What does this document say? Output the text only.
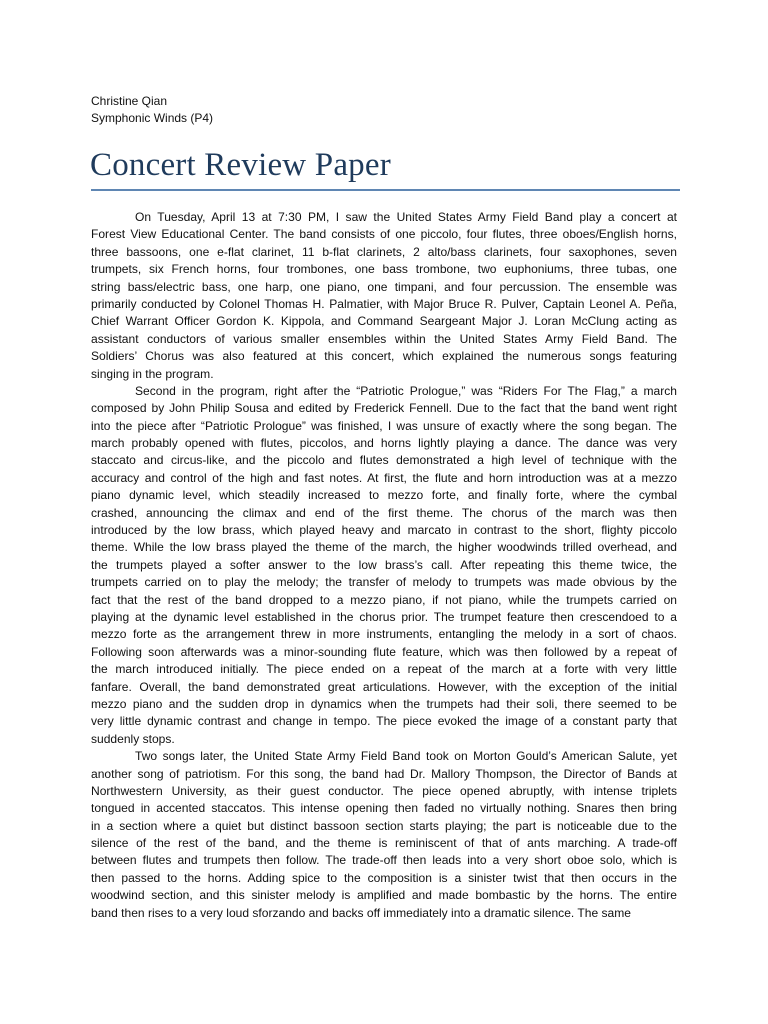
Christine Qian
Symphonic Winds (P4)
Concert Review Paper
On Tuesday, April 13 at 7:30 PM, I saw the United States Army Field Band play a concert at
Forest View Educational Center. The band consists of one piccolo, four flutes, three oboes/English horns,
three bassoons, one e-flat clarinet, 11 b-flat clarinets, 2 alto/bass clarinets, four saxophones, seven
trumpets, six French horns, four trombones, one bass trombone, two euphoniums, three tubas, one
string bass/electric bass, one harp, one piano, one timpani, and four percussion. The ensemble was
primarily conducted by Colonel Thomas H. Palmatier, with Major Bruce R. Pulver, Captain Leonel A. Peña,
Chief Warrant Officer Gordon K. Kippola, and Command Seargeant Major J. Loran McClung acting as
assistant conductors of various smaller ensembles within the United States Army Field Band. The
Soldiers’ Chorus was also featured at this concert, which explained the numerous songs featuring
singing in the program.
Second in the program, right after the “Patriotic Prologue,” was “Riders For The Flag,” a march
composed by John Philip Sousa and edited by Frederick Fennell. Due to the fact that the band went right
into the piece after “Patriotic Prologue” was finished, I was unsure of exactly where the song began. The
march probably opened with flutes, piccolos, and horns lightly playing a dance. The dance was very
staccato and circus-like, and the piccolo and flutes demonstrated a high level of technique with the
accuracy and control of the high and fast notes. At first, the flute and horn introduction was at a mezzo
piano dynamic level, which steadily increased to mezzo forte, and finally forte, where the cymbal
crashed, announcing the climax and end of the first theme. The chorus of the march was then
introduced by the low brass, which played heavy and marcato in contrast to the short, flighty piccolo
theme. While the low brass played the theme of the march, the higher woodwinds trilled overhead, and
the trumpets played a softer answer to the low brass’s call. After repeating this theme twice, the
trumpets carried on to play the melody; the transfer of melody to trumpets was made obvious by the
fact that the rest of the band dropped to a mezzo piano, if not piano, while the trumpets carried on
playing at the dynamic level established in the chorus prior. The trumpet feature then crescendoed to a
mezzo forte as the arrangement threw in more instruments, entangling the melody in a sort of chaos.
Following soon afterwards was a minor-sounding flute feature, which was then followed by a repeat of
the march introduced initially. The piece ended on a repeat of the march at a forte with very little
fanfare. Overall, the band demonstrated great articulations. However, with the exception of the initial
mezzo piano and the sudden drop in dynamics when the trumpets had their soli, there seemed to be
very little dynamic contrast and change in tempo. The piece evoked the image of a constant party that
suddenly stops.
Two songs later, the United State Army Field Band took on Morton Gould’s American Salute, yet
another song of patriotism. For this song, the band had Dr. Mallory Thompson, the Director of Bands at
Northwestern University, as their guest conductor. The piece opened abruptly, with intense triplets
tongued in accented staccatos. This intense opening then faded no virtually nothing. Snares then bring
in a section where a quiet but distinct bassoon section starts playing; the part is noticeable due to the
silence of the rest of the band, and the theme is reminiscent of that of ants marching. A trade-off
between flutes and trumpets then follow. The trade-off then leads into a very short oboe solo, which is
then passed to the horns. Adding spice to the composition is a sinister twist that then occurs in the
woodwind section, and this sinister melody is amplified and made bombastic by the horns. The entire
band then rises to a very loud sforzando and backs off immediately into a dramatic silence. The same
